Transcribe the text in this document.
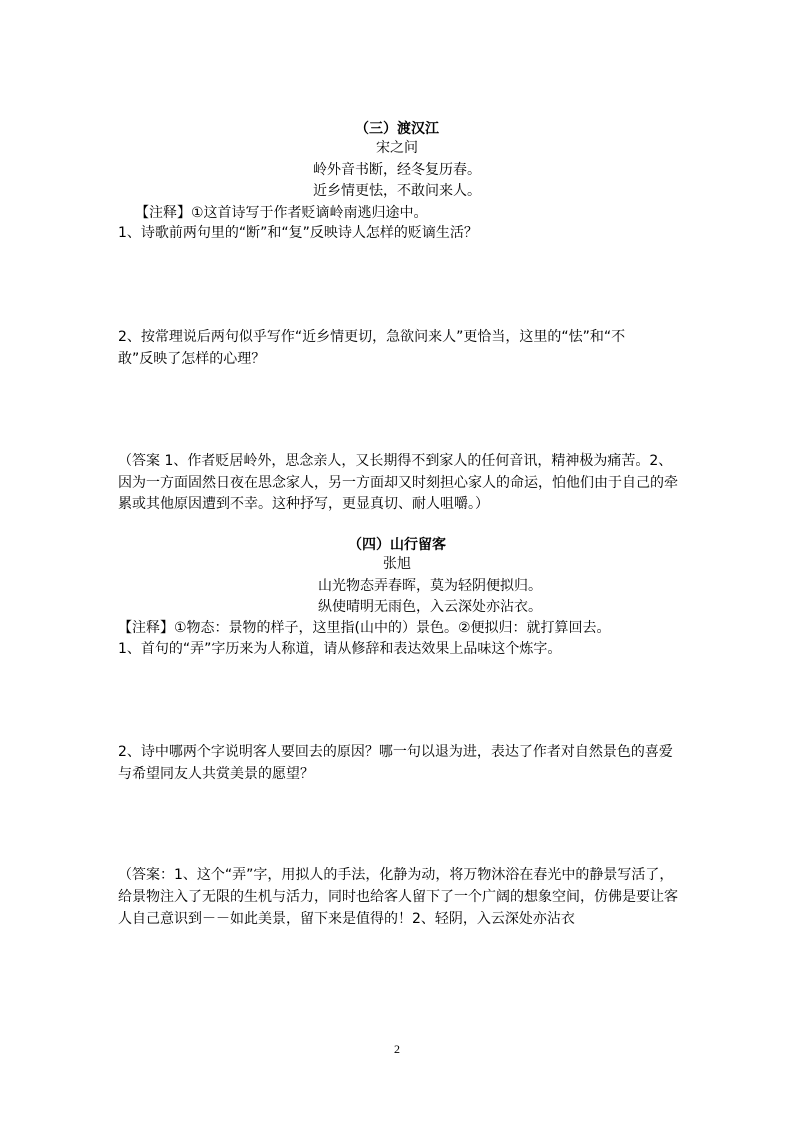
（三）渡汉江
宋之问
岭外音书断，经冬复历春。
近乡情更怯，不敢问来人。
【注释】①这首诗写于作者贬谪岭南逃归途中。
1、诗歌前两句里的“断”和“复”反映诗人怎样的贬谪生活？
2、按常理说后两句似乎写作“近乡情更切，急欲问来人”更恰当，这里的“怯”和“不
敢”反映了怎样的心理？
（答案 1、作者贬居岭外，思念亲人，又长期得不到家人的任何音讯，精神极为痛苦。2、
因为一方面固然日夜在思念家人，另一方面却又时刻担心家人的命运，怕他们由于自己的牵
累或其他原因遭到不幸。这种抒写，更显真切、耐人咀嚼。）
（四）山行留客
张旭
山光物态弄春晖，莫为轻阴便拟归。
纵使晴明无雨色，入云深处亦沾衣。
【注释】①物态：景物的样子，这里指(山中的）景色。②便拟归：就打算回去。
1、首句的“弄”字历来为人称道，请从修辞和表达效果上品味这个炼字。
2、诗中哪两个字说明客人要回去的原因？哪一句以退为进，表达了作者对自然景色的喜爱
与希望同友人共赏美景的愿望？
（答案：1、这个“弄”字，用拟人的手法，化静为动，将万物沐浴在春光中的静景写活了，
给景物注入了无限的生机与活力，同时也给客人留下了一个广阔的想象空间，仿佛是要让客
人自己意识到－－如此美景，留下来是值得的！2、轻阴，入云深处亦沾衣
2
